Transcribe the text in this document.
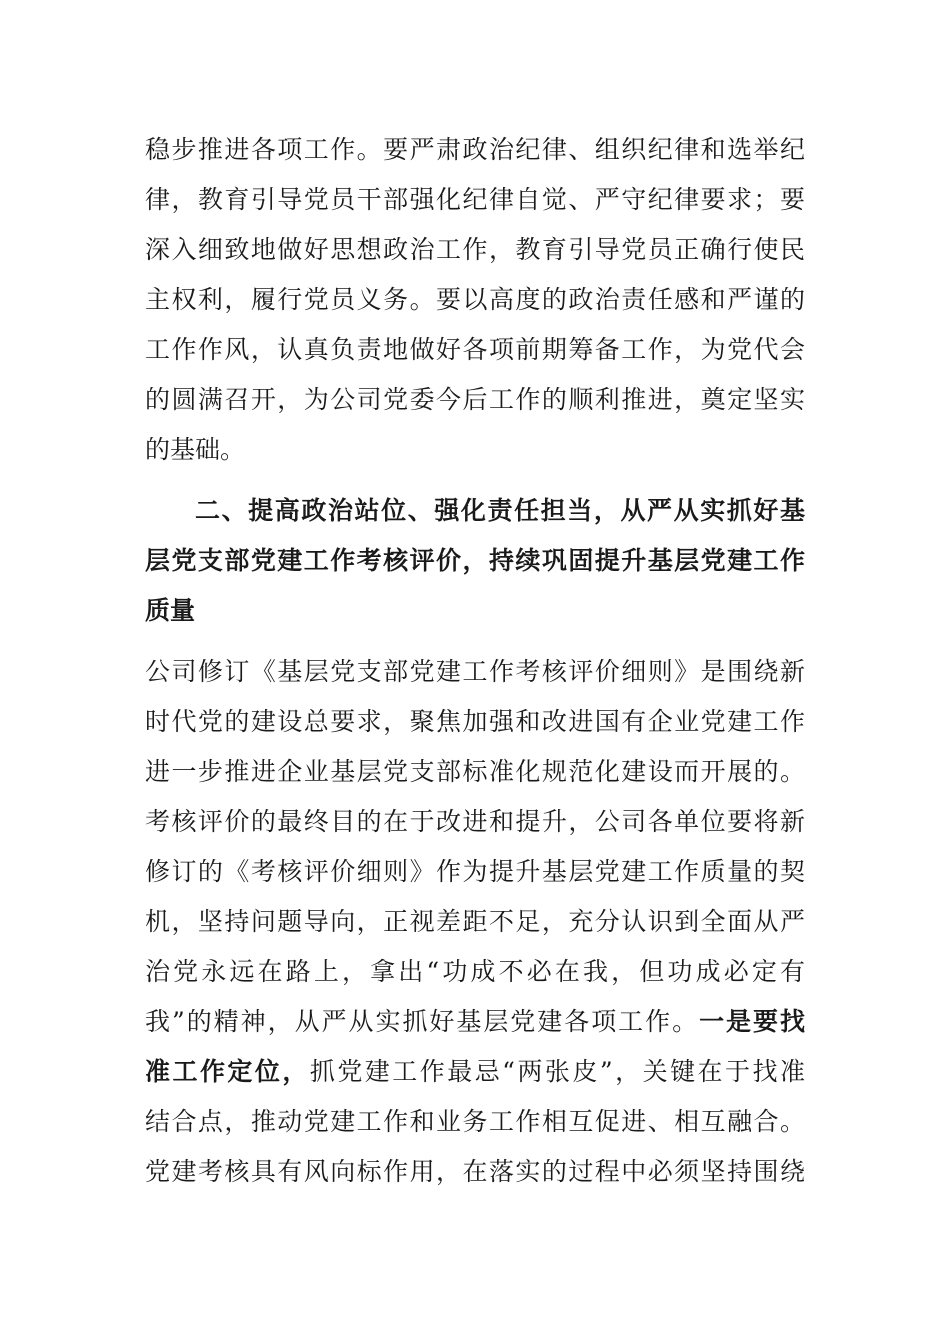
稳步推进各项工作。要严肃政治纪律、组织纪律和选举纪
律，教育引导党员干部强化纪律自觉、严守纪律要求；要
深入细致地做好思想政治工作，教育引导党员正确行使民
主权利，履行党员义务。要以高度的政治责任感和严谨的
工作作风，认真负责地做好各项前期筹备工作，为党代会
的圆满召开，为公司党委今后工作的顺利推进，奠定坚实
的基础。
二、提高政治站位、强化责任担当，从严从实抓好基
层党支部党建工作考核评价，持续巩固提升基层党建工作
质量
公司修订《基层党支部党建工作考核评价细则》是围绕新
时代党的建设总要求，聚焦加强和改进国有企业党建工作
进一步推进企业基层党支部标准化规范化建设而开展的。
考核评价的最终目的在于改进和提升，公司各单位要将新
修订的《考核评价细则》作为提升基层党建工作质量的契
机，坚持问题导向，正视差距不足，充分认识到全面从严
治党永远在路上，拿出“功成不必在我，但功成必定有
我”的精神，从严从实抓好基层党建各项工作。一是要找
准工作定位，抓党建工作最忌“两张皮”，关键在于找准
结合点，推动党建工作和业务工作相互促进、相互融合。
党建考核具有风向标作用，在落实的过程中必须坚持围绕
